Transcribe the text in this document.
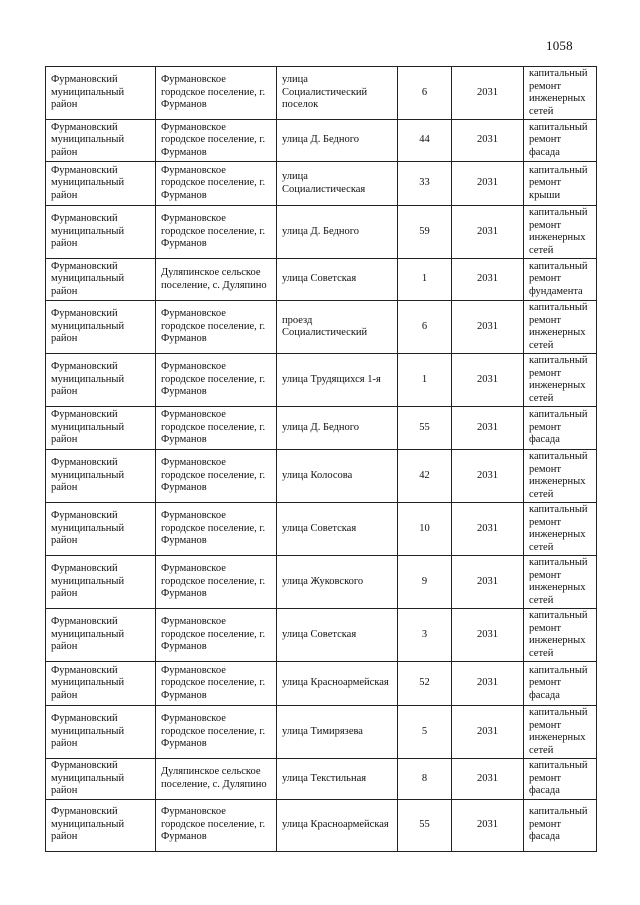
1058
Фурмановский муниципальный район	Фурмановское городское поселение, г. Фурманов	улица Социалистический поселок	6	2031	капитальный ремонт инженерных сетей
Фурмановский муниципальный район	Фурмановское городское поселение, г. Фурманов	улица Д. Бедного	44	2031	капитальный ремонт фасада
Фурмановский муниципальный район	Фурмановское городское поселение, г. Фурманов	улица Социалистическая	33	2031	капитальный ремонт крыши
Фурмановский муниципальный район	Фурмановское городское поселение, г. Фурманов	улица Д. Бедного	59	2031	капитальный ремонт инженерных сетей
Фурмановский муниципальный район	Дуляпинское сельское поселение, с. Дуляпино	улица Советская	1	2031	капитальный ремонт фундамента
Фурмановский муниципальный район	Фурмановское городское поселение, г. Фурманов	проезд Социалистический	6	2031	капитальный ремонт инженерных сетей
Фурмановский муниципальный район	Фурмановское городское поселение, г. Фурманов	улица Трудящихся 1-я	1	2031	капитальный ремонт инженерных сетей
Фурмановский муниципальный район	Фурмановское городское поселение, г. Фурманов	улица Д. Бедного	55	2031	капитальный ремонт фасада
Фурмановский муниципальный район	Фурмановское городское поселение, г. Фурманов	улица Колосова	42	2031	капитальный ремонт инженерных сетей
Фурмановский муниципальный район	Фурмановское городское поселение, г. Фурманов	улица Советская	10	2031	капитальный ремонт инженерных сетей
Фурмановский муниципальный район	Фурмановское городское поселение, г. Фурманов	улица Жуковского	9	2031	капитальный ремонт инженерных сетей
Фурмановский муниципальный район	Фурмановское городское поселение, г. Фурманов	улица Советская	3	2031	капитальный ремонт инженерных сетей
Фурмановский муниципальный район	Фурмановское городское поселение, г. Фурманов	улица Красноармейская	52	2031	капитальный ремонт фасада
Фурмановский муниципальный район	Фурмановское городское поселение, г. Фурманов	улица Тимирязева	5	2031	капитальный ремонт инженерных сетей
Фурмановский муниципальный район	Дуляпинское сельское поселение, с. Дуляпино	улица Текстильная	8	2031	капитальный ремонт фасада
Фурмановский муниципальный район	Фурмановское городское поселение, г. Фурманов	улица Красноармейская	55	2031	капитальный ремонт фасада
